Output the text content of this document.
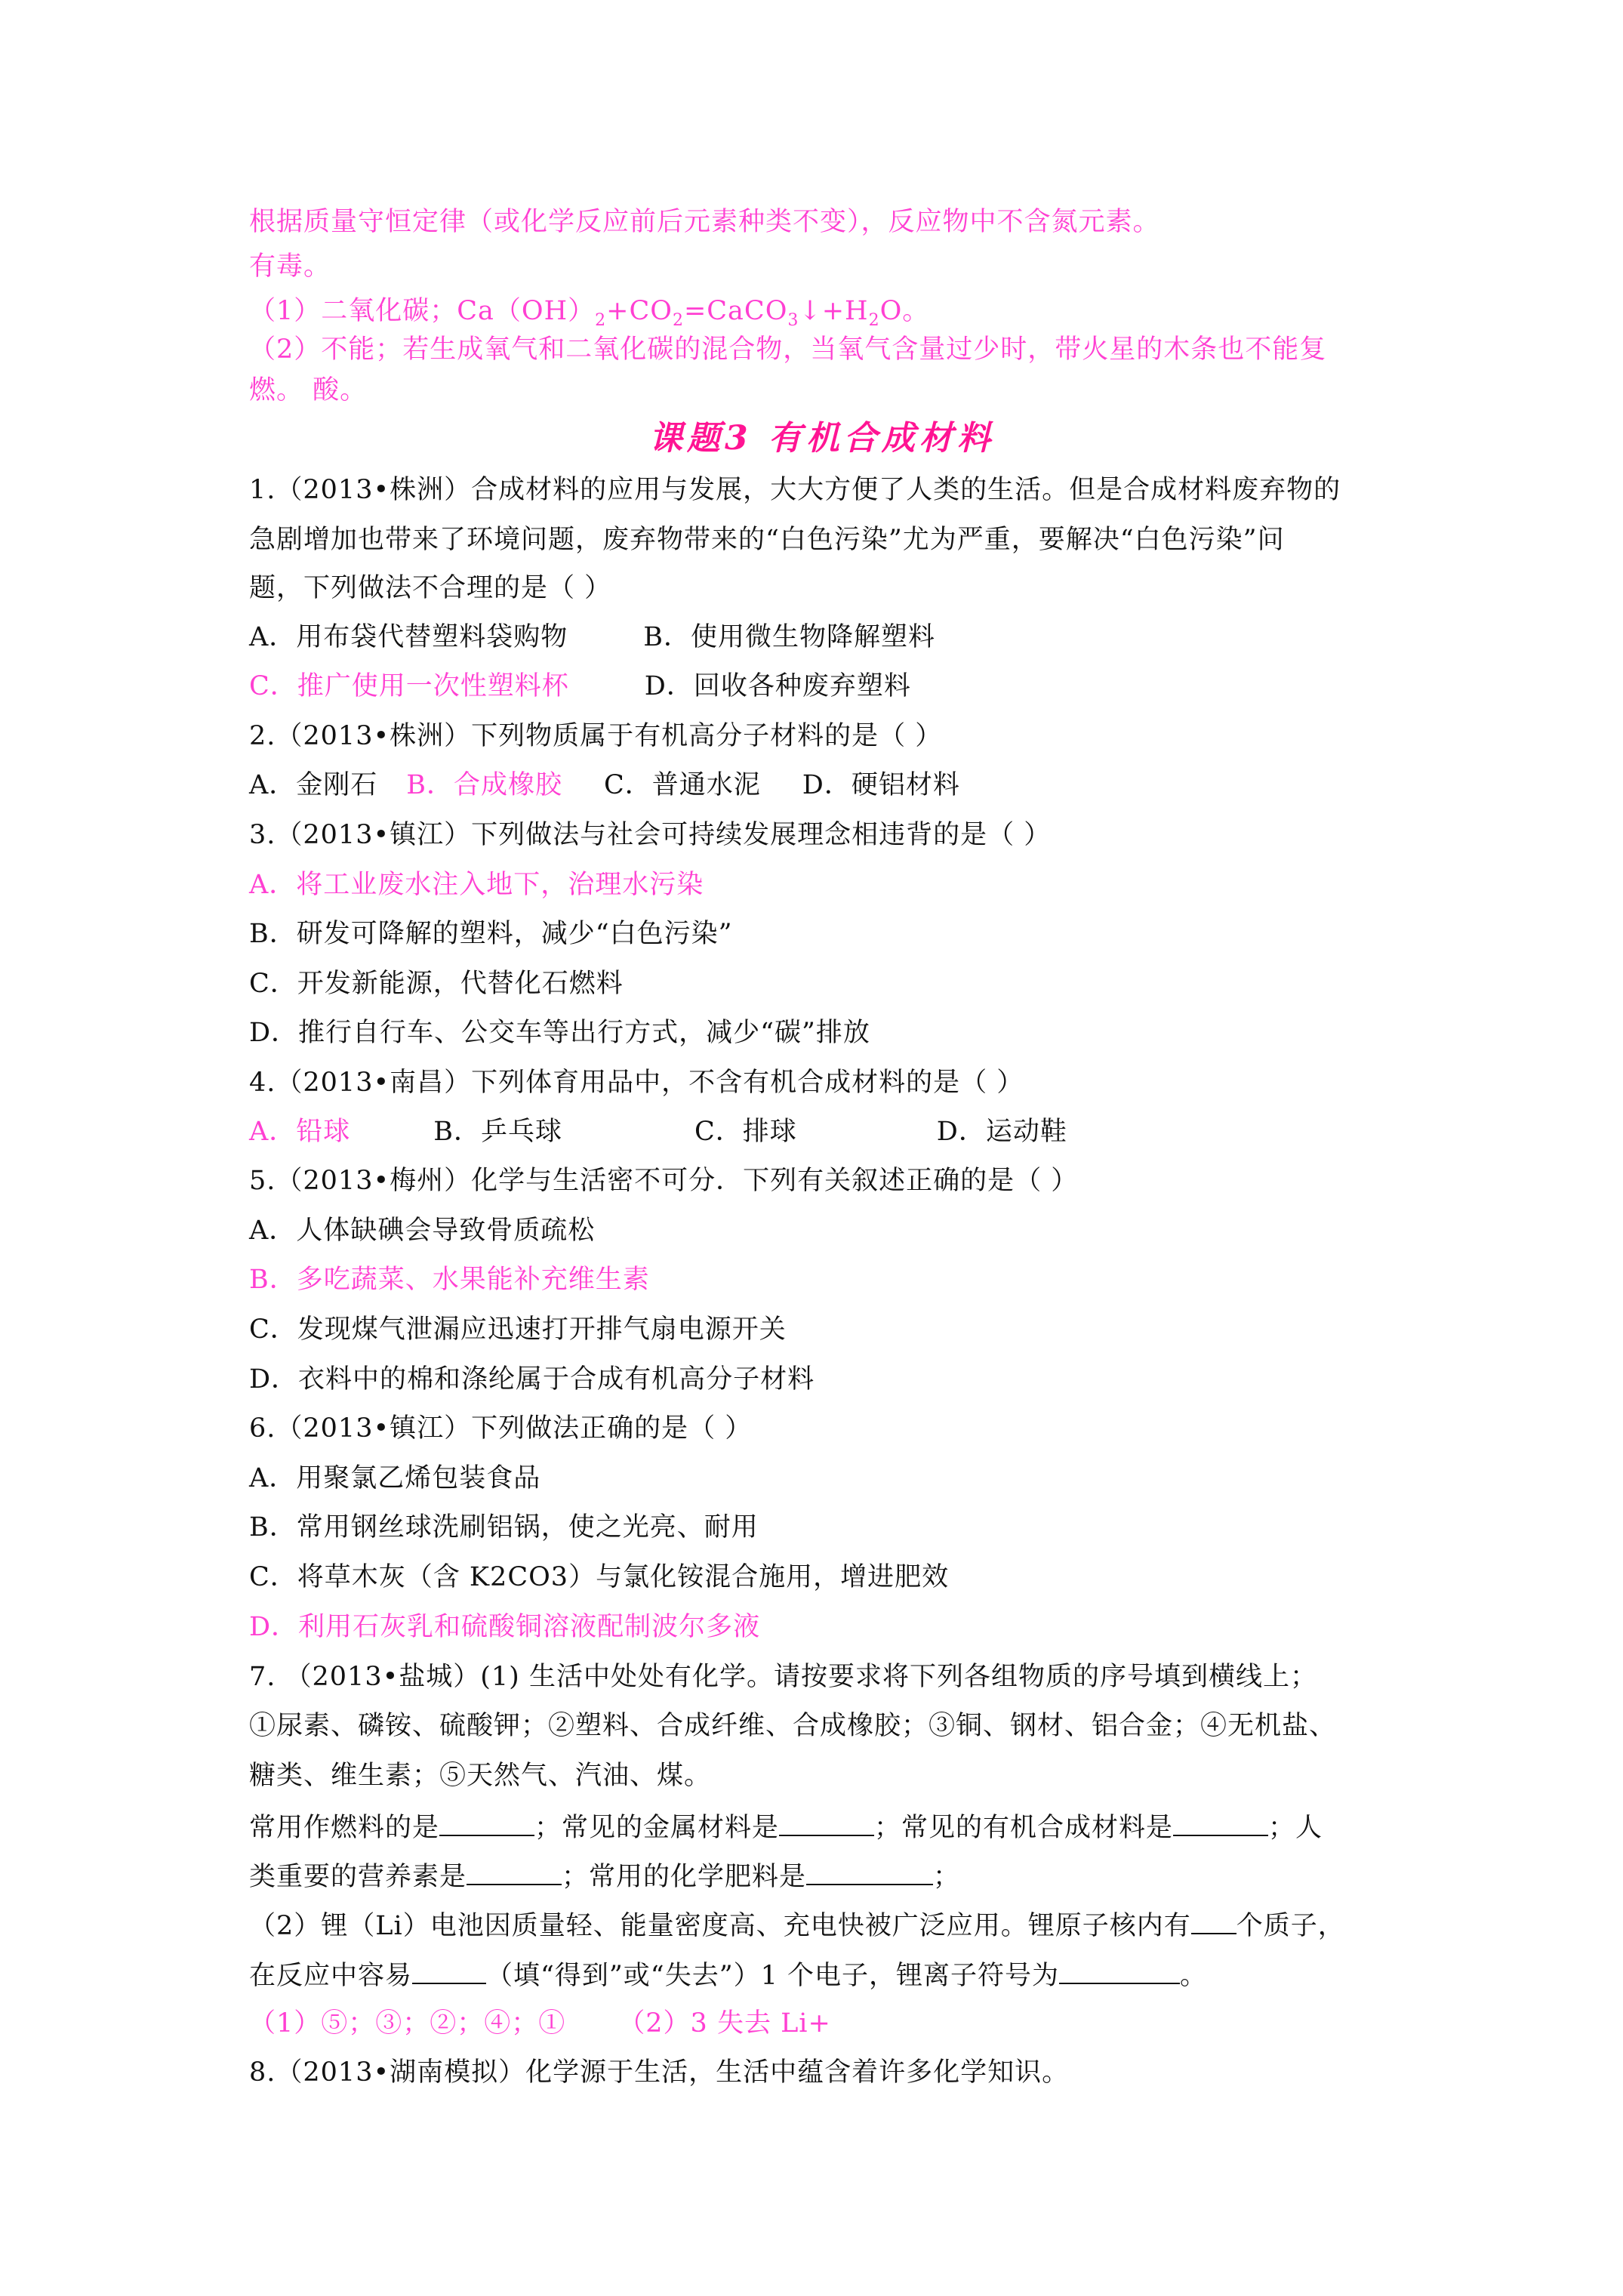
根据质量守恒定律（或化学反应前后元素种类不变），反应物中不含氮元素。
有毒。
（1）二氧化碳；$Ca(OH)_2+CO_2=CaCO_3↓+H_2O$。
（2）不能；若生成氧气和二氧化碳的混合物，当氧气含量过少时，带火星的木条也不能复
燃。 酸。
课题3 有机合成材料
1.（2013•株洲）合成材料的应用与发展，大大方便了人类的生活。但是合成材料废弃物的
急剧增加也带来了环境问题，废弃物带来的“白色污染”尤为严重，要解决“白色污染”问
题，下列做法不合理的是（ ）
A．用布袋代替塑料袋购物	B．使用微生物降解塑料
C．推广使用一次性塑料杯	D．回收各种废弃塑料
2.（2013•株洲）下列物质属于有机高分子材料的是（ ）
A．金刚石 B．合成橡胶 C．普通水泥 D．硬铝材料
3.（2013•镇江）下列做法与社会可持续发展理念相违背的是（ ）
A．将工业废水注入地下，治理水污染
B．研发可降解的塑料，减少“白色污染”
C．开发新能源，代替化石燃料
D．推行自行车、公交车等出行方式，减少“碳”排放
4.（2013•南昌）下列体育用品中，不含有机合成材料的是（ ）
A．铅球	B．乒乓球	C．排球	D．运动鞋
5.（2013•梅州）化学与生活密不可分．下列有关叙述正确的是（ ）
A．人体缺碘会导致骨质疏松
B．多吃蔬菜、水果能补充维生素
C．发现煤气泄漏应迅速打开排气扇电源开关
D．衣料中的棉和涤纶属于合成有机高分子材料
6.（2013•镇江）下列做法正确的是（ ）
A．用聚氯乙烯包装食品
B．常用钢丝球洗刷铝锅，使之光亮、耐用
C．将草木灰（含 K2CO3）与氯化铵混合施用，增进肥效
D．利用石灰乳和硫酸铜溶液配制波尔多液
7. （2013•盐城）(1) 生活中处处有化学。请按要求将下列各组物质的序号填到横线上；
①尿素、磷铵、硫酸钾；②塑料、合成纤维、合成橡胶；③铜、钢材、铝合金；④无机盐、
糖类、维生素；⑤天然气、汽油、煤。
常用作燃料的是	；常见的金属材料是	；常见的有机合成材料是	；人
类重要的营养素是	；常用的化学肥料是	；
（2）锂（Li）电池因质量轻、能量密度高、充电快被广泛应用。锂原子核内有 个质子，
在反应中容易	（填“得到”或“失去”）1 个电子，锂离子符号为	。
（1）⑤；③；②；④；① （2）3 失去 Li+
8.（2013•湖南模拟）化学源于生活，生活中蕴含着许多化学知识。
